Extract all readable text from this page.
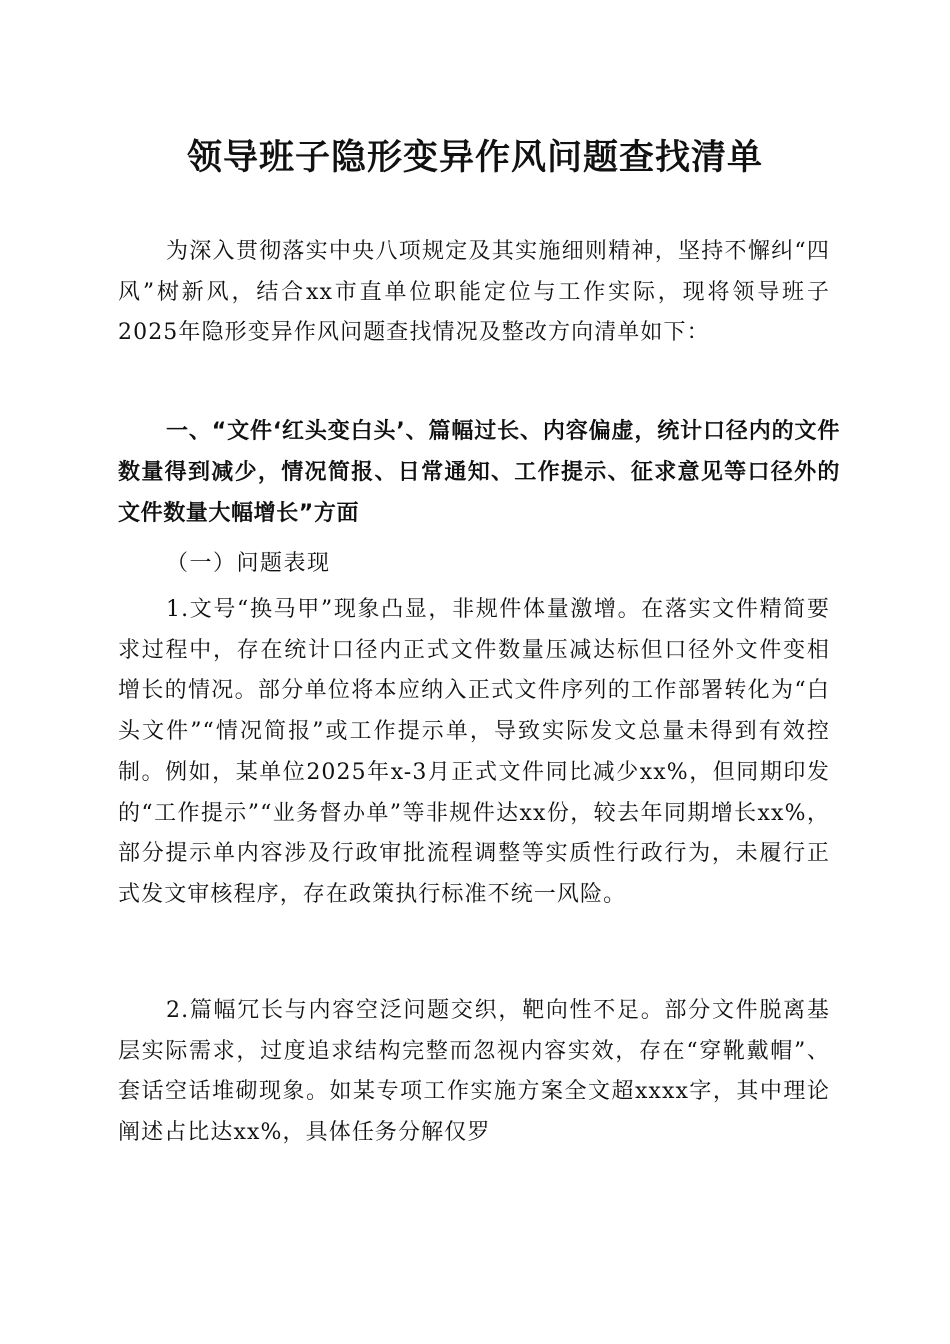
领导班子隐形变异作风问题查找清单

为深入贯彻落实中央八项规定及其实施细则精神，坚持不懈纠“四风”树新风，结合xx市直单位职能定位与工作实际，现将领导班子2025年隐形变异作风问题查找情况及整改方向清单如下：

一、“文件‘红头变白头’、篇幅过长、内容偏虚，统计口径内的文件数量得到减少，情况简报、日常通知、工作提示、征求意见等口径外的文件数量大幅增长”方面

（一）问题表现

1.文号“换马甲”现象凸显，非规件体量激增。在落实文件精简要求过程中，存在统计口径内正式文件数量压减达标但口径外文件变相增长的情况。部分单位将本应纳入正式文件序列的工作部署转化为“白头文件”“情况简报”或工作提示单，导致实际发文总量未得到有效控制。例如，某单位2025年x-3月正式文件同比减少xx%，但同期印发的“工作提示”“业务督办单”等非规件达xx份，较去年同期增长xx%，部分提示单内容涉及行政审批流程调整等实质性行政行为，未履行正式发文审核程序，存在政策执行标准不统一风险。

2.篇幅冗长与内容空泛问题交织，靶向性不足。部分文件脱离基层实际需求，过度追求结构完整而忽视内容实效，存在“穿靴戴帽”、套话空话堆砌现象。如某专项工作实施方案全文超xxxx字，其中理论阐述占比达xx%，具体任务分解仅罗
